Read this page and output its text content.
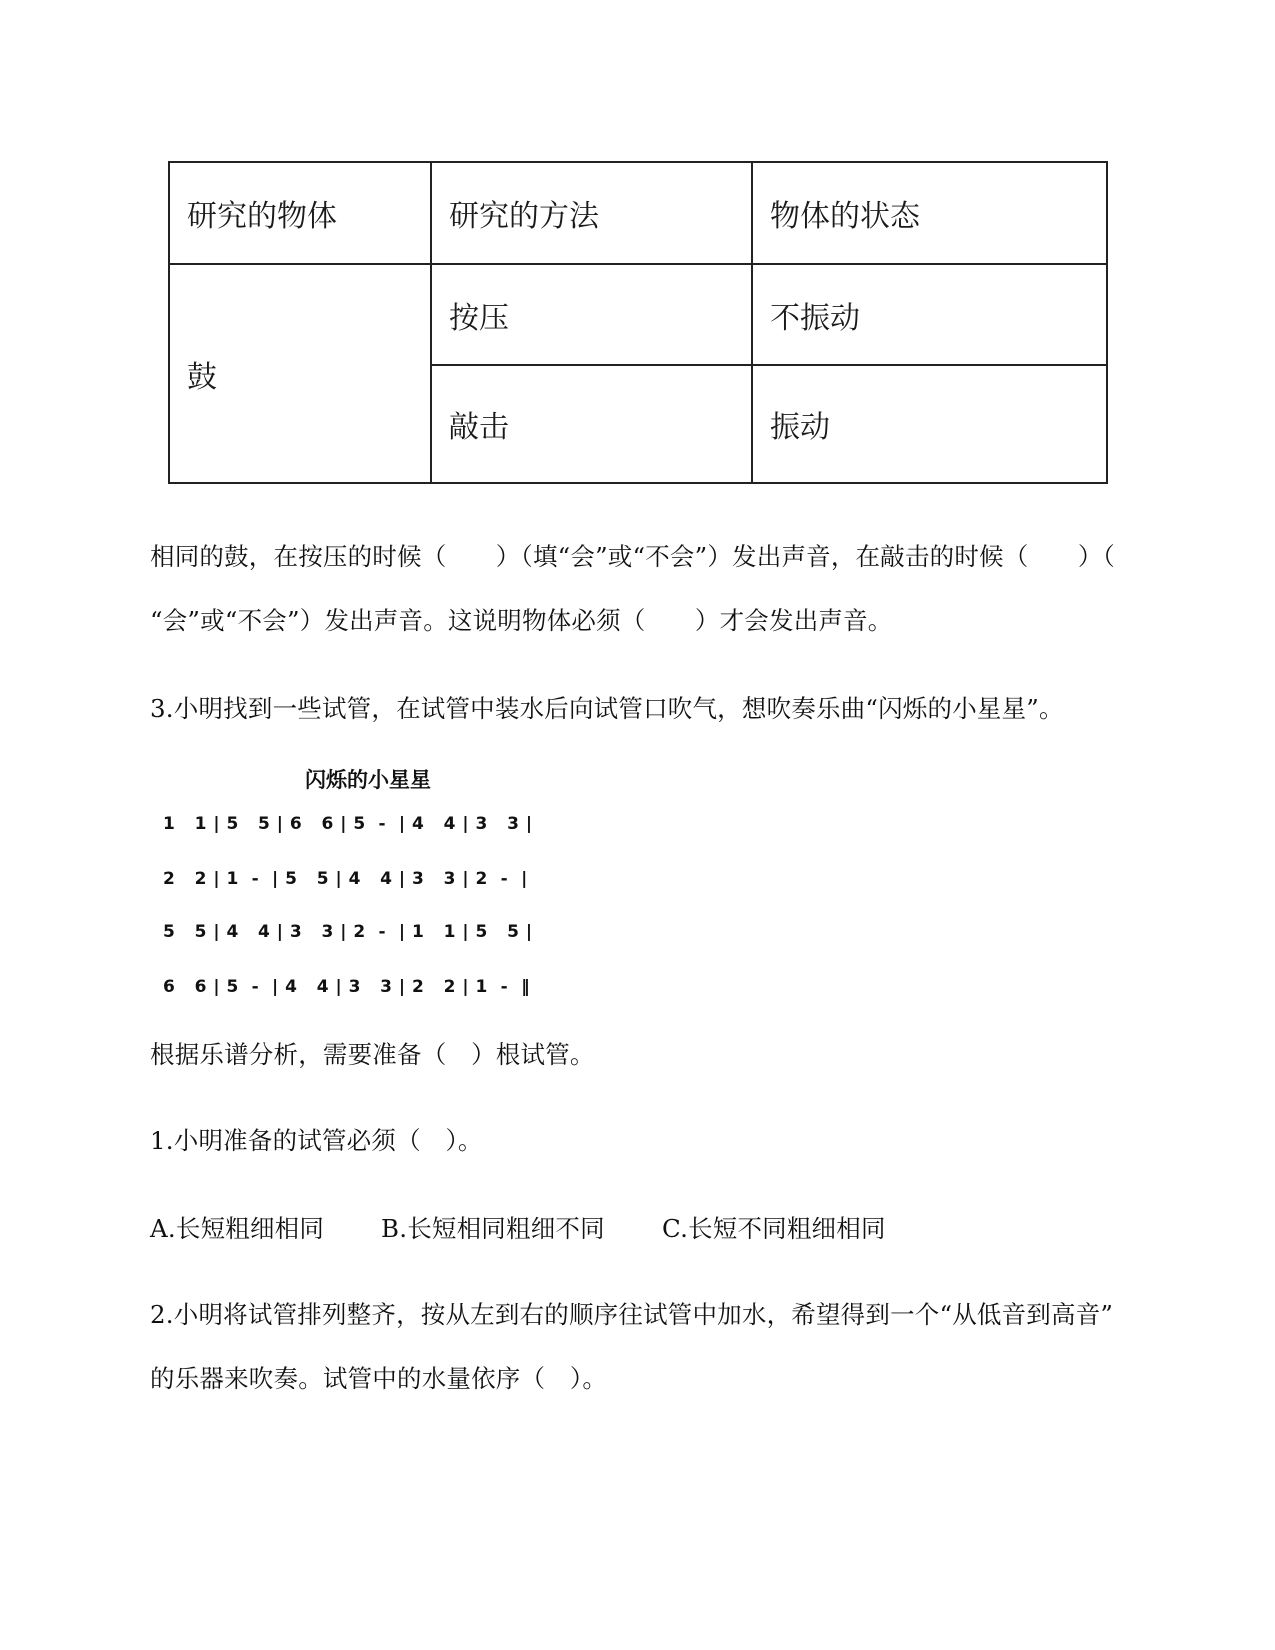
研究的物体	研究的方法	物体的状态
鼓	按压	不振动
	敲击	振动
相同的鼓，在按压的时候（　　）（填“会”或“不会”）发出声音，在敲击的时候（　　）（
“会”或“不会”）发出声音。这说明物体必须（　　）才会发出声音。
3.小明找到一些试管，在试管中装水后向试管口吹气，想吹奏乐曲“闪烁的小星星”。
闪烁的小星星
1   1 | 5   5 | 6   6 | 5  -  | 4   4 | 3   3 |
2   2 | 1  -  | 5   5 | 4   4 | 3   3 | 2  -  |
5   5 | 4   4 | 3   3 | 2  -  | 1   1 | 5   5 |
6   6 | 5  -  | 4   4 | 3   3 | 2   2 | 1  -  ‖
根据乐谱分析，需要准备（　）根试管。
1.小明准备的试管必须（　）。
A.长短粗细相同 B.长短相同粗细不同 C.长短不同粗细相同
2.小明将试管排列整齐，按从左到右的顺序往试管中加水，希望得到一个“从低音到高音”
的乐器来吹奏。试管中的水量依序（　）。
